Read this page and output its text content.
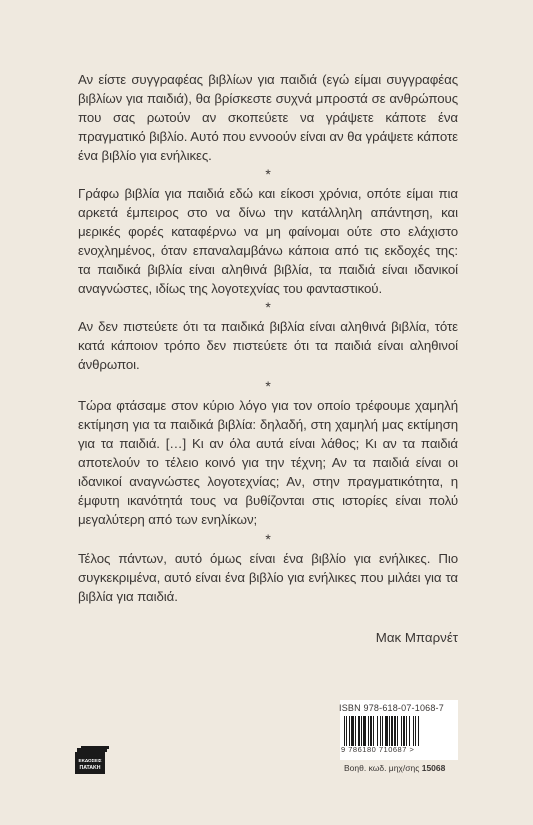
Αν είστε συγγραφέας βιβλίων για παιδιά (εγώ είμαι συγγραφέας βιβλίων για παιδιά), θα βρίσκεστε συχνά μπροστά σε ανθρώπους που σας ρωτούν αν σκοπεύετε να γράψετε κάποτε ένα πραγματικό βιβλίο. Αυτό που εννοούν είναι αν θα γράψετε κάποτε ένα βιβλίο για ενήλικες.

*

Γράφω βιβλία για παιδιά εδώ και είκοσι χρόνια, οπότε είμαι πια αρκετά έμπειρος στο να δίνω την κατάλληλη απάντηση, και μερικές φορές καταφέρνω να μη φαίνομαι ούτε στο ελάχιστο ενοχλημένος, όταν επαναλαμβάνω κάποια από τις εκδοχές της: τα παιδικά βιβλία είναι αληθινά βιβλία, τα παιδιά είναι ιδανικοί αναγνώστες, ιδίως της λογοτεχνίας του φανταστικού.

*

Αν δεν πιστεύετε ότι τα παιδικά βιβλία είναι αληθινά βιβλία, τότε κατά κάποιον τρόπο δεν πιστεύετε ότι τα παιδιά είναι αληθινοί άνθρωποι.

*

Τώρα φτάσαμε στον κύριο λόγο για τον οποίο τρέφουμε χαμηλή εκτίμηση για τα παιδικά βιβλία: δηλαδή, στη χαμηλή μας εκτίμηση για τα παιδιά. […] Κι αν όλα αυτά είναι λάθος; Κι αν τα παιδιά αποτελούν το τέλειο κοινό για την τέχνη; Αν τα παιδιά είναι οι ιδανικοί αναγνώστες λογοτεχνίας; Αν, στην πραγματικότητα, η έμφυτη ικανότητά τους να βυθίζονται στις ιστορίες είναι πολύ μεγαλύτερη από των ενηλίκων;

*

Τέλος πάντων, αυτό όμως είναι ένα βιβλίο για ενήλικες. Πιο συγκεκριμένα, αυτό είναι ένα βιβλίο για ενήλικες που μιλάει για τα βιβλία για παιδιά.

Μακ Μπαρνέτ
ISBN 978-618-07-1068-7
9 786180 710687 >
Βοηθ. κωδ. μηχ/σης 15068
ΕΚΔΟΣΕΙΣ
ΠΑΤΑΚΗ
